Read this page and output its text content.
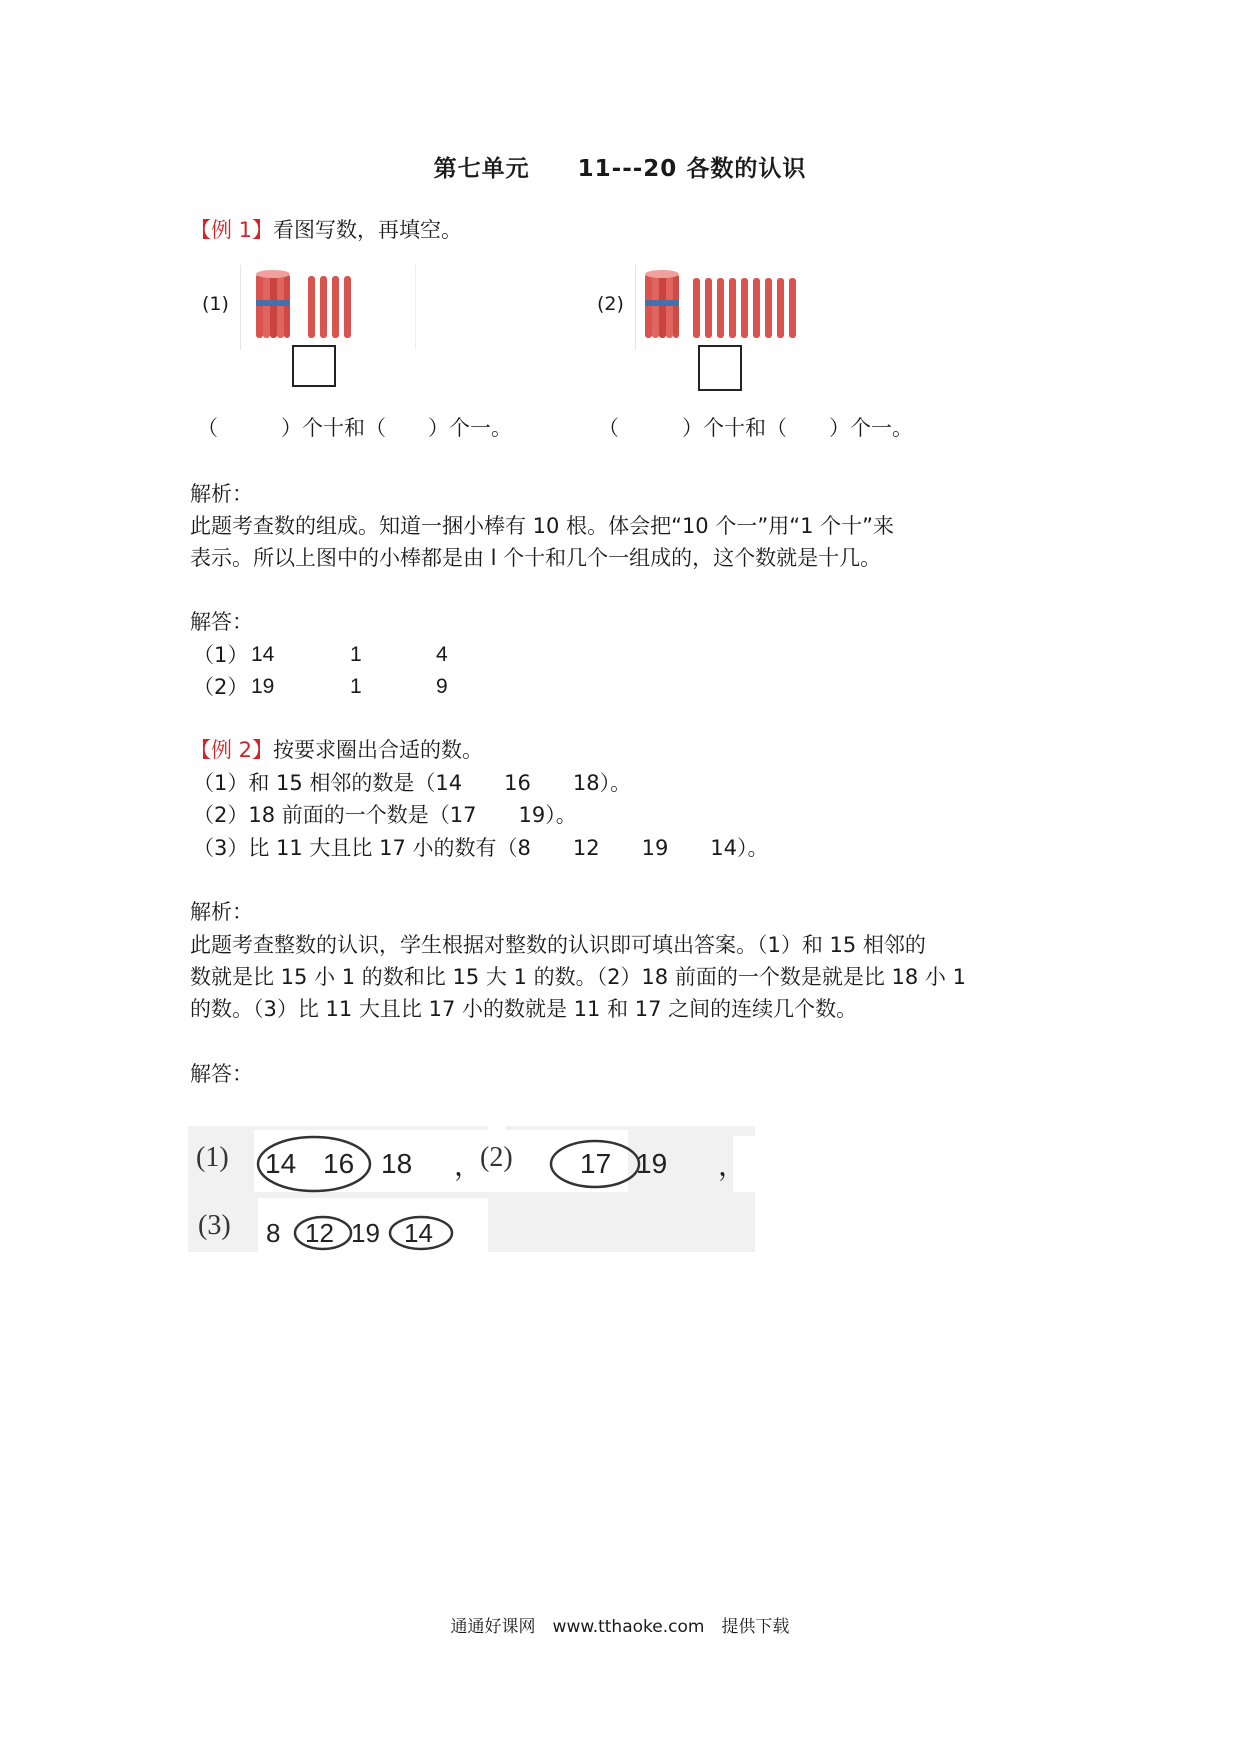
第七单元 11---20 各数的认识
【例 1】看图写数，再填空。
(1)	(2)
（　　　）个十和（　　）个一。	（　　　）个十和（　　）个一。
解析：
此题考查数的组成。知道一捆小棒有 10 根。体会把“10 个一”用“1 个十”来
表示。所以上图中的小棒都是由 l 个十和几个一组成的，这个数就是十几。
解答：
（1） 14	1	4
（2） 19	1	9
【例 2】按要求圈出合适的数。
（1）和 15 相邻的数是（14　　16　　18）。
（2）18 前面的一个数是（17　　19）。
（3）比 11 大且比 17 小的数有（8　　12　　19　　14）。
解析：
此题考查整数的认识，学生根据对整数的认识即可填出答案。（1）和 15 相邻的
数就是比 15 小 1 的数和比 15 大 1 的数。（2）18 前面的一个数是就是比 18 小 1
的数。（3）比 11 大且比 17 小的数就是 11 和 17 之间的连续几个数。
解答：
(1) 14 16 18 ，
(2) 17 19 ，
(3) 8 12 19 14
通通好课网　www.tthaoke.com　提供下载
